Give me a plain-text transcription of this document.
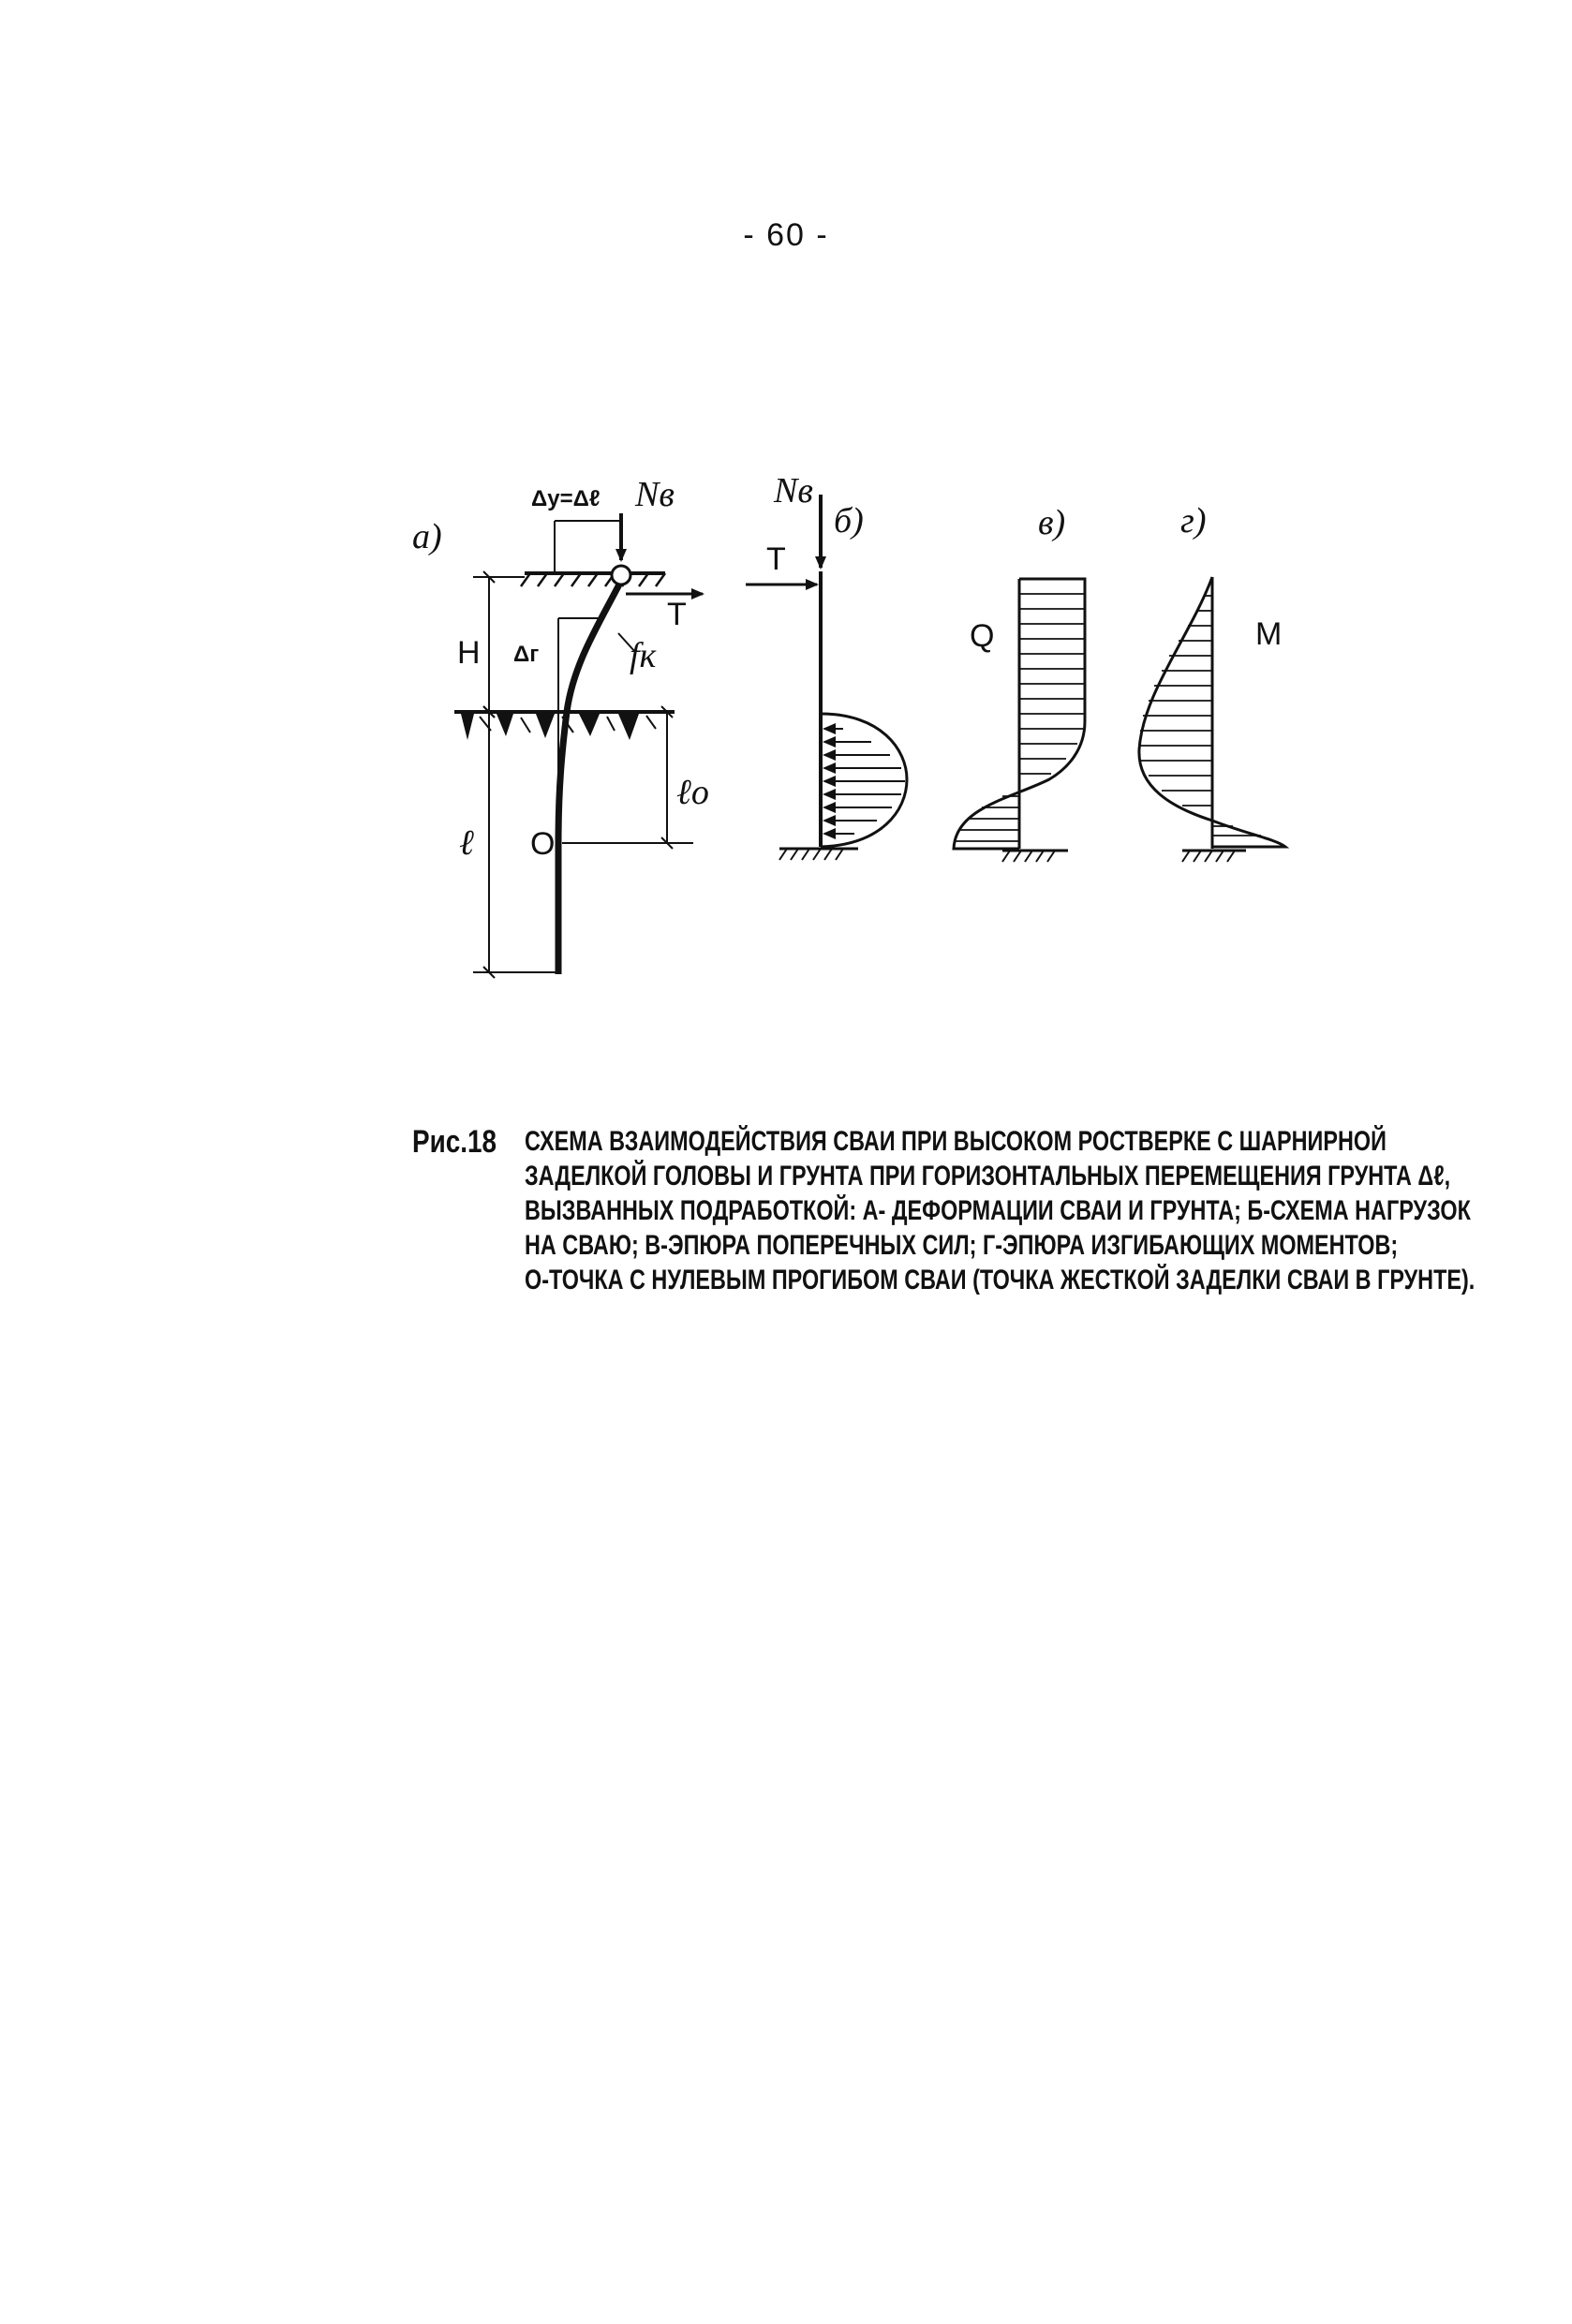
- 60 -
а)
Nв
Δу=Δℓ
Т
Δг	fк
Н
ℓо
ℓ О
б)
Nв
Т
в)
Q
г)
М
Рис.18 СХЕМА ВЗАИМОДЕЙСТВИЯ СВАИ ПРИ ВЫСОКОМ РОСТВЕРКЕ С ШАРНИРНОЙ
ЗАДЕЛКОЙ ГОЛОВЫ И ГРУНТА ПРИ ГОРИЗОНТАЛЬНЫХ ПЕРЕМЕЩЕНИЯ ГРУНТА Δℓ,
ВЫЗВАННЫХ ПОДРАБОТКОЙ: А- ДЕФОРМАЦИИ СВАИ И ГРУНТА; Б-СХЕМА НАГРУЗОК
НА СВАЮ; В-ЭПЮРА ПОПЕРЕЧНЫХ СИЛ; Г-ЭПЮРА ИЗГИБАЮЩИХ МОМЕНТОВ;
О-ТОЧКА С НУЛЕВЫМ ПРОГИБОМ СВАИ (ТОЧКА ЖЕСТКОЙ ЗАДЕЛКИ СВАИ В ГРУНТЕ).
